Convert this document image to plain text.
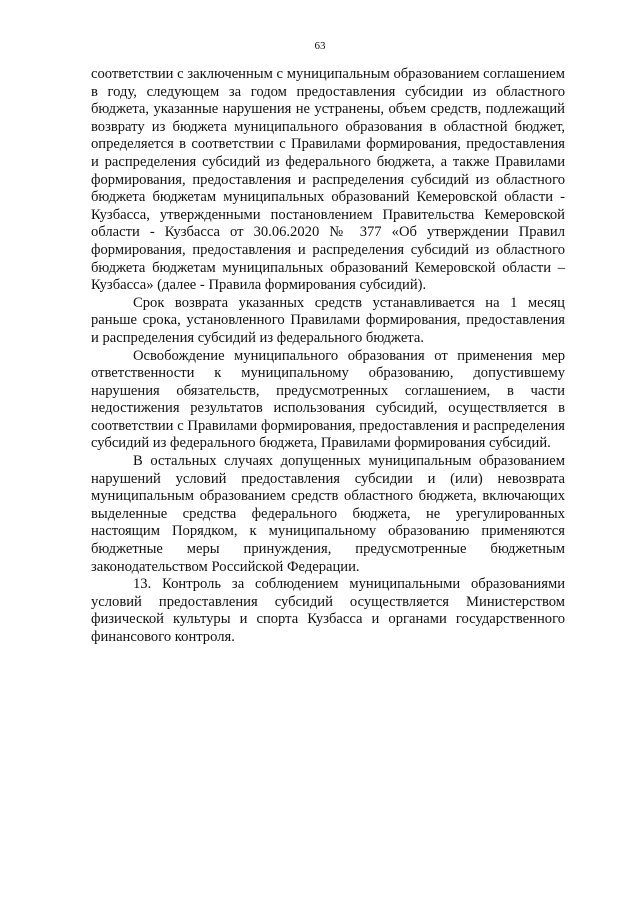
63

соответствии с заключенным с муниципальным образованием соглашением в году, следующем за годом предоставления субсидии из областного бюджета, указанные нарушения не устранены, объем средств, подлежащий возврату из бюджета муниципального образования в областной бюджет, определяется в соответствии с Правилами формирования, предоставления и распределения субсидий из федерального бюджета, а также Правилами формирования, предоставления и распределения субсидий из областного бюджета бюджетам муниципальных образований Кемеровской области - Кузбасса, утвержденными постановлением Правительства Кемеровской области - Кузбасса от 30.06.2020 № 377 «Об утверждении Правил формирования, предоставления и распределения субсидий из областного бюджета бюджетам муниципальных образований Кемеровской области – Кузбасса» (далее - Правила формирования субсидий).

Срок возврата указанных средств устанавливается на 1 месяц раньше срока, установленного Правилами формирования, предоставления и распределения субсидий из федерального бюджета.

Освобождение муниципального образования от применения мер ответственности к муниципальному образованию, допустившему нарушения обязательств, предусмотренных соглашением, в части недостижения результатов использования субсидий, осуществляется в соответствии с Правилами формирования, предоставления и распределения субсидий из федерального бюджета, Правилами формирования субсидий.

В остальных случаях допущенных муниципальным образованием нарушений условий предоставления субсидии и (или) невозврата муниципальным образованием средств областного бюджета, включающих выделенные средства федерального бюджета, не урегулированных настоящим Порядком, к муниципальному образованию применяются бюджетные меры принуждения, предусмотренные бюджетным законодательством Российской Федерации.

13. Контроль за соблюдением муниципальными образованиями условий предоставления субсидий осуществляется Министерством физической культуры и спорта Кузбасса и органами государственного финансового контроля.
